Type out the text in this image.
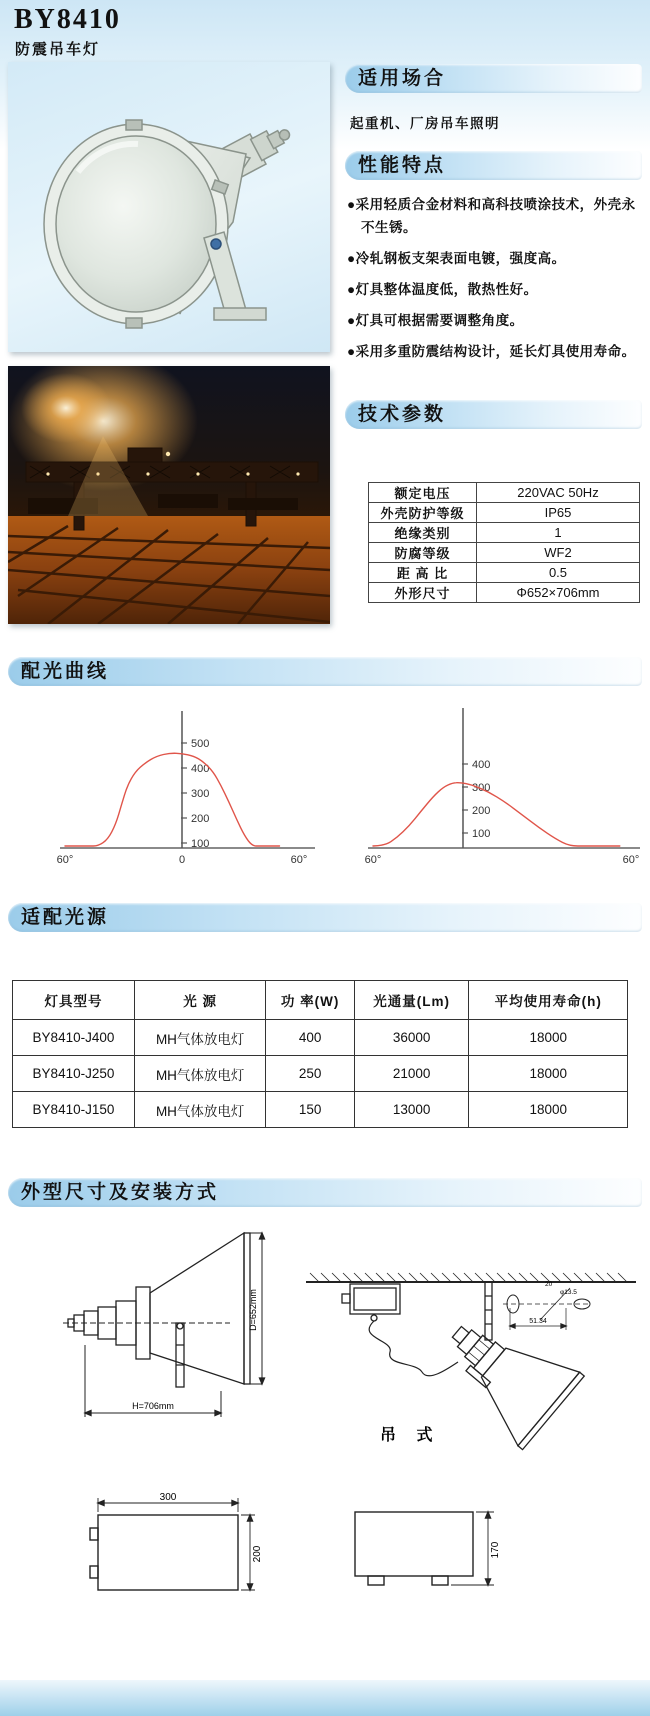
BY8410
防震吊车灯
适用场合
起重机、厂房吊车照明
性能特点
●采用轻质合金材料和高科技喷涂技术，外壳永不生锈。
●冷轧钢板支架表面电镀，强度高。
●灯具整体温度低，散热性好。
●灯具可根据需要调整角度。
●采用多重防震结构设计，延长灯具使用寿命。
技术参数
额定电压	220VAC 50Hz
外壳防护等级	IP65
绝缘类别	1
防腐等级	WF2
距 高 比	0.5
外形尺寸	Φ652×706mm
配光曲线
100
200
300
400
500
60°	0	60°
100
200
300
400
60°	60°
适配光源
灯具型号	光 源	功 率(W)	光通量(Lm)	平均使用寿命(h)
BY8410-J400	MH气体放电灯	400	36000	18000
BY8410-J250	MH气体放电灯	250	21000	18000
BY8410-J150	MH气体放电灯	150	13000	18000
外型尺寸及安装方式
D=652mm
H=706mm
20
φ13.5
51.34
吊 式
300
200	170
